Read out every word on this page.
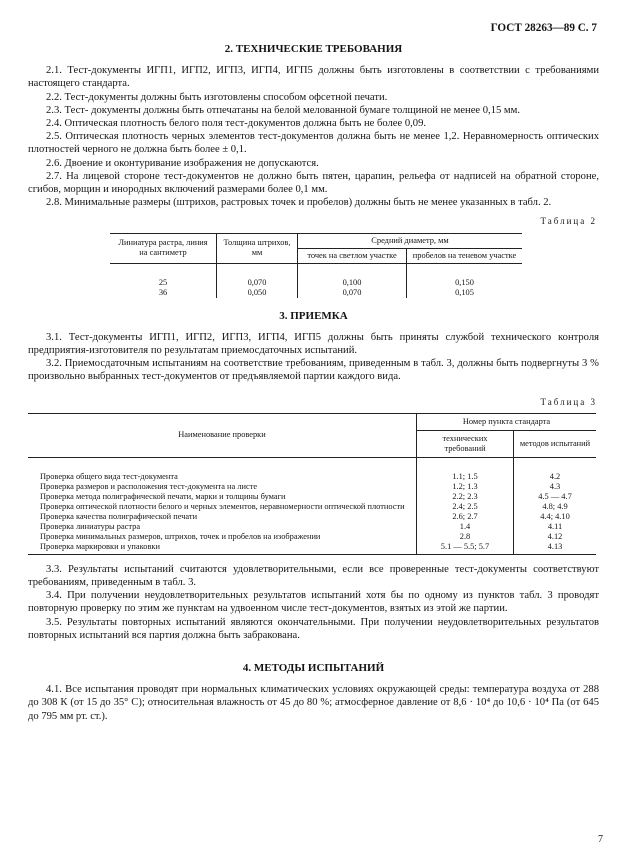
ГОСТ 28263—89 С. 7
2. ТЕХНИЧЕСКИЕ ТРЕБОВАНИЯ

2.1. Тест-документы ИГП1, ИГП2, ИГП3, ИГП4, ИГП5 должны быть изготовлены в соответствии с требованиями настоящего стандарта.

2.2. Тест-документы должны быть изготовлены способом офсетной печати.

2.3. Тест- документы должны быть отпечатаны на белой мелованной бумаге толщиной не менее 0,15 мм.

2.4. Оптическая плотность белого поля тест-документов должна быть не более 0,09.

2.5. Оптическая плотность черных элементов тест-документов должна быть не менее 1,2. Неравномерность оптических плотностей черного не должна быть более ± 0,1.

2.6. Двоение и оконтуривание изображения не допускаются.

2.7. На лицевой стороне тест-документов не должно быть пятен, царапин, рельефа от надписей на обратной стороне, сгибов, морщин и инородных включений размерами более 0,1 мм.

2.8. Минимальные размеры (штрихов, растровых точек и пробелов) должны быть не менее указанных в табл. 2.

Таблица 2
Линиатура растра, линия на сантиметр	Толщина штрихов, мм	Средний диаметр, мм	
		точек на светлом участке	пробелов на теневом участке
25	0,070	0,100	0,150
36	0,050	0,070	0,105
3. ПРИЕМКА

3.1. Тест-документы ИГП1, ИГП2, ИГП3, ИГП4, ИГП5 должны быть приняты службой технического контроля предприятия-изготовителя по результатам приемосдаточных испытаний.

3.2. Приемосдаточным испытаниям на соответствие требованиям, приведенным в табл. 3, должны быть подвергнуты 3 % произвольно выбранных тест-документов от предъявляемой партии каждого вида.

Таблица 3
Наименование проверки	Номер пункта стандарта	
	технических требований	методов испытаний
Проверка общего вида тест-документа	1.1; 1.5	4.2
Проверка размеров и расположения тест-документа на листе	1.2; 1.3	4.3
Проверка метода полиграфической печати, марки и толщины бумаги	2.2; 2.3	4.5 — 4.7
Проверка оптической плотности белого и черных элементов, неравномерности оптической плотности	2.4; 2.5	4.8; 4.9
Проверка качества полиграфической печати	2.6; 2.7	4.4; 4.10
Проверка линиатуры растра	1.4	4.11
Проверка минимальных размеров, штрихов, точек и пробелов на изображении	2.8	4.12
Проверка маркировки и упаковки	5.1 — 5.5; 5.7	4.13

3.3. Результаты испытаний считаются удовлетворительными, если все проверенные тест-документы соответствуют требованиям, приведенным в табл. 3.

3.4. При получении неудовлетворительных результатов испытаний хотя бы по одному из пунктов табл. 3 проводят повторную проверку по этим же пунктам на удвоенном числе тест-документов, взятых из этой же партии.

3.5. Результаты повторных испытаний являются окончательными. При получении неудовлетворительных результатов повторных испытаний вся партия должна быть забракована.

4. МЕТОДЫ ИСПЫТАНИЙ

4.1. Все испытания проводят при нормальных климатических условиях окружающей среды: температура воздуха от 288 до 308 К (от 15 до 35° С); относительная влажность от 45 до 80 %; атмосферное давление от 8,6 · 10⁴ до 10,6 · 10⁴ Па (от 645 до 795 мм рт. ст.).

7
